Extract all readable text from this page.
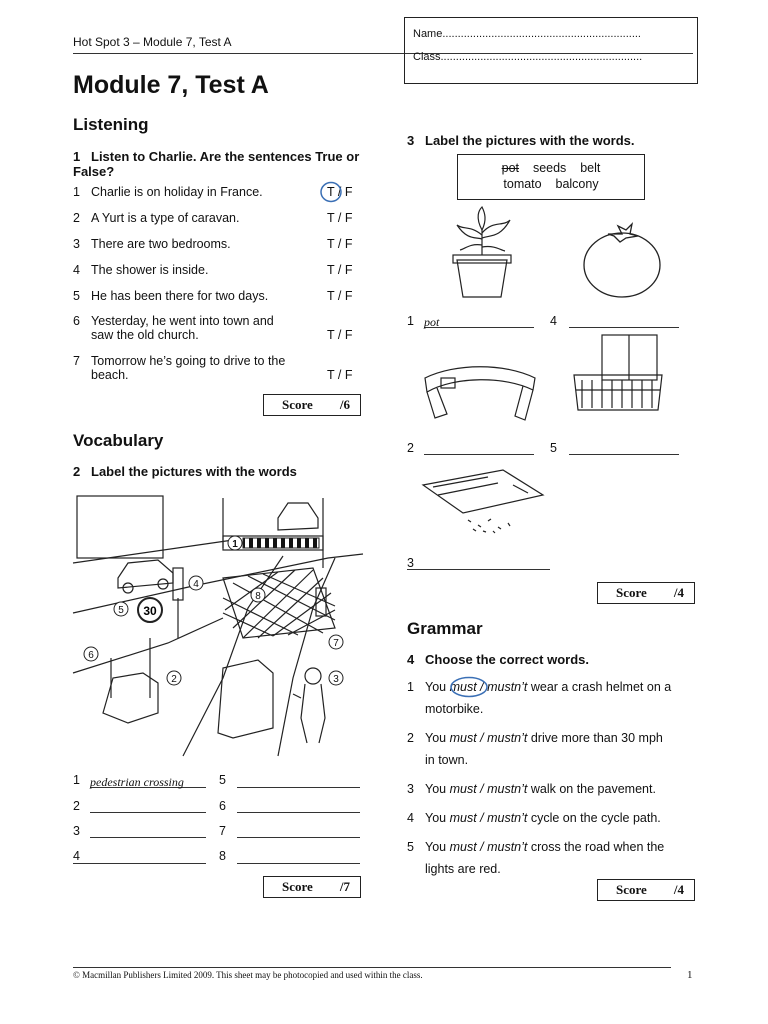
Hot Spot 3 – Module 7, Test A
Name.................................................................
Class..................................................................
Module 7, Test A
Listening
1 Listen to Charlie. Are the sentences True or False?
1 Charlie is on holiday in France.	T / F
2 A Yurt is a type of caravan.	T / F
3 There are two bedrooms.	T / F
4 The shower is inside.	T / F
5 He has been there for two days.	T / F
6 Yesterday, he went into town and
saw the old church.	T / F
7 Tomorrow he’s going to drive to the
beach.	T / F
Score /6
Vocabulary
2 Label the pictures with the words
30
1
2	3
4
5
6
7
8
1 pedestrian crossing
2
3
4
5
6
7
8
Score /7
3 Label the pictures with the words.
pot seeds belt
tomato    balcony
1 pot	4
2	5
3
Score /4
Grammar
4 Choose the correct words.
1 You must / mustn’t wear a crash helmet on a
motorbike.
2 You must / mustn’t drive more than 30 mph
in town.
3 You must / mustn’t walk on the pavement.
4 You must / mustn’t cycle on the cycle path.
5 You must / mustn’t cross the road when the
lights are red.
Score /4
© Macmillan Publishers Limited 2009. This sheet may be photocopied and used within the class.	1
